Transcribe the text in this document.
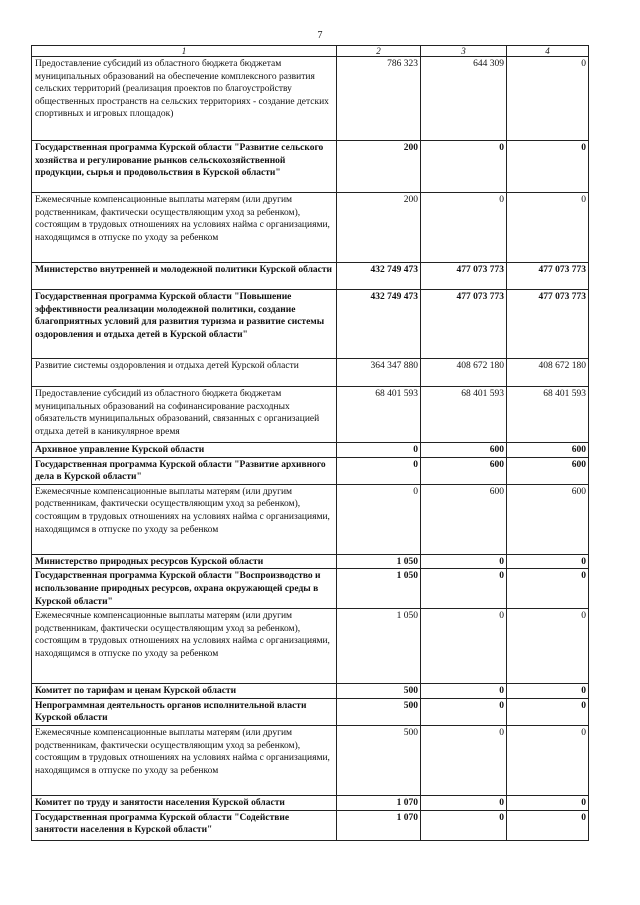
7
1	2	3	4
Предоставление субсидий из областного бюджета бюджетам муниципальных образований на обеспечение комплексного развития сельских территорий (реализация проектов по благоустройству общественных пространств на сельских территориях - создание детских спортивных и игровых площадок)	786 323	644 309	0
Государственная программа Курской области "Развитие сельского хозяйства и регулирование рынков сельскохозяйственной продукции, сырья и продовольствия в Курской области"	200	0	0
Ежемесячные компенсационные выплаты матерям (или другим родственникам, фактически осуществляющим уход за ребенком), состоящим в трудовых отношениях на условиях найма с организациями, находящимся в отпуске по уходу за ребенком	200	0	0
Министерство внутренней и молодежной политики Курской области	432 749 473	477 073 773	477 073 773
Государственная программа Курской области "Повышение эффективности реализации молодежной политики, создание благоприятных условий для развития туризма и развитие системы оздоровления и отдыха детей в Курской области"	432 749 473	477 073 773	477 073 773
Развитие системы оздоровления и отдыха детей Курской области	364 347 880	408 672 180	408 672 180
Предоставление субсидий из областного бюджета бюджетам муниципальных образований на софинансирование расходных обязательств муниципальных образований, связанных с организацией отдыха детей в каникулярное время	68 401 593	68 401 593	68 401 593
Архивное управление Курской области	0	600	600
Государственная программа Курской области "Развитие архивного дела в Курской области"	0	600	600
Ежемесячные компенсационные выплаты матерям (или другим родственникам, фактически осуществляющим уход за ребенком), состоящим в трудовых отношениях на условиях найма с организациями, находящимся в отпуске по уходу за ребенком	0	600	600
Министерство природных ресурсов Курской области	1 050	0	0
Государственная программа Курской области "Воспроизводство и использование природных ресурсов, охрана окружающей среды в Курской области"	1 050	0	0
Ежемесячные компенсационные выплаты матерям (или другим родственникам, фактически осуществляющим уход за ребенком), состоящим в трудовых отношениях на условиях найма с организациями, находящимся в отпуске по уходу за ребенком	1 050	0	0
Комитет по тарифам и ценам Курской области	500	0	0
Непрограммная деятельность органов исполнительной власти Курской области	500	0	0
Ежемесячные компенсационные выплаты матерям (или другим родственникам, фактически осуществляющим уход за ребенком), состоящим в трудовых отношениях на условиях найма с организациями, находящимся в отпуске по уходу за ребенком	500	0	0
Комитет по труду и занятости населения Курской области	1 070	0	0
Государственная программа Курской области "Содействие занятости населения в Курской области"	1 070	0	0
